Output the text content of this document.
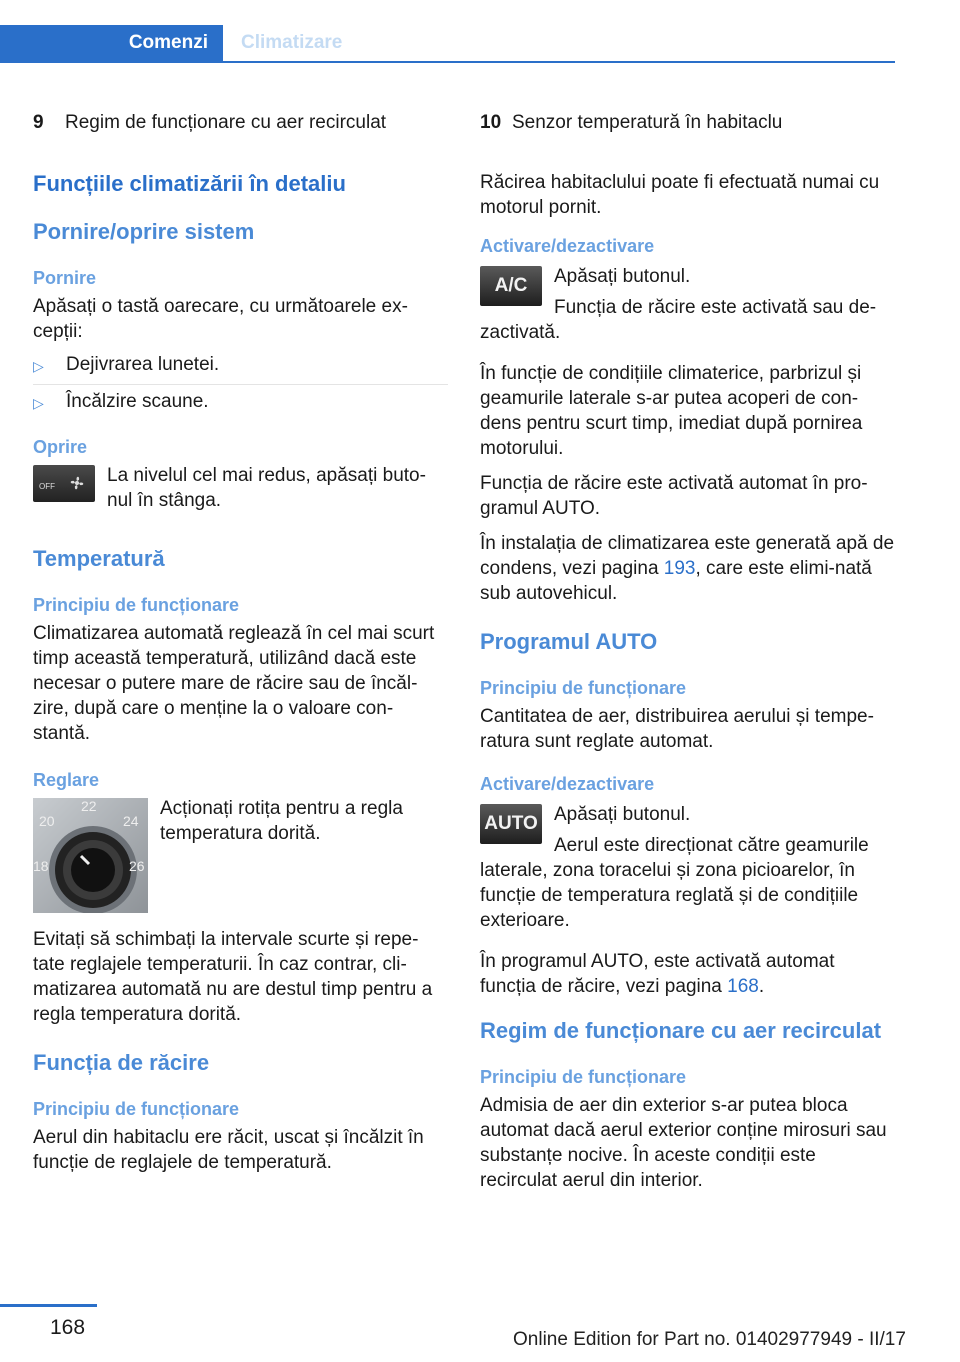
Comenzi	Climatizare
9	Regim de funcționare cu aer recirculat
Funcțiile climatizării în detaliu
Pornire/oprire sistem
Pornire
Apăsați o tastă oarecare, cu următoarele ex‐cepții:
▷	Dejivrarea lunetei.
▷	Încălzire scaune.
Oprire
OFF
La nivelul cel mai redus, apăsați buto‐nul în stânga.
Temperatură
Principiu de funcționare
Climatizarea automată reglează în cel mai scurt timp această temperatură, utilizând dacă este necesar o putere mare de răcire sau de încăl‐zire, după care o menține la o valoare con‐stantă.
Reglare
22
20	24
18	26
Acționați rotița pentru a regla temperatura dorită.
Evitați să schimbați la intervale scurte și repe‐tate reglajele temperaturii. În caz contrar, cli‐matizarea automată nu are destul timp pentru a regla temperatura dorită.
Funcția de răcire
Principiu de funcționare
Aerul din habitaclu ere răcit, uscat și încălzit în funcție de reglajele de temperatură.
10 Senzor temperatură în habitaclu
Răcirea habitaclului poate fi efectuată numai cu motorul pornit.
Activare/dezactivare
A/C	Apăsați butonul.
Funcția de răcire este activată sau de‐zactivată.
În funcție de condițiile climaterice, parbrizul și geamurile laterale s-ar putea acoperi de con‐dens pentru scurt timp, imediat după pornirea motorului.
Funcția de răcire este activată automat în pro‐gramul AUTO.
În instalația de climatizarea este generată apă de condens, vezi pagina 193, care este elimi‐nată sub autovehicul.
Programul AUTO
Principiu de funcționare
Cantitatea de aer, distribuirea aerului și tempe‐ratura sunt reglate automat.
Activare/dezactivare
AUTO Apăsați butonul.
Aerul este direcționat către geamurile laterale, zona toracelui și zona picioarelor, în funcție de temperatura reglată și de condițiile exterioare.
În programul AUTO, este activată automat funcția de răcire, vezi pagina 168.
Regim de funcționare cu aer recirculat
Principiu de funcționare
Admisia de aer din exterior s-ar putea bloca automat dacă aerul exterior conține mirosuri sau substanțe nocive. În aceste condiții este recirculat aerul din interior.
168
Online Edition for Part no. 01402977949 - II/17
